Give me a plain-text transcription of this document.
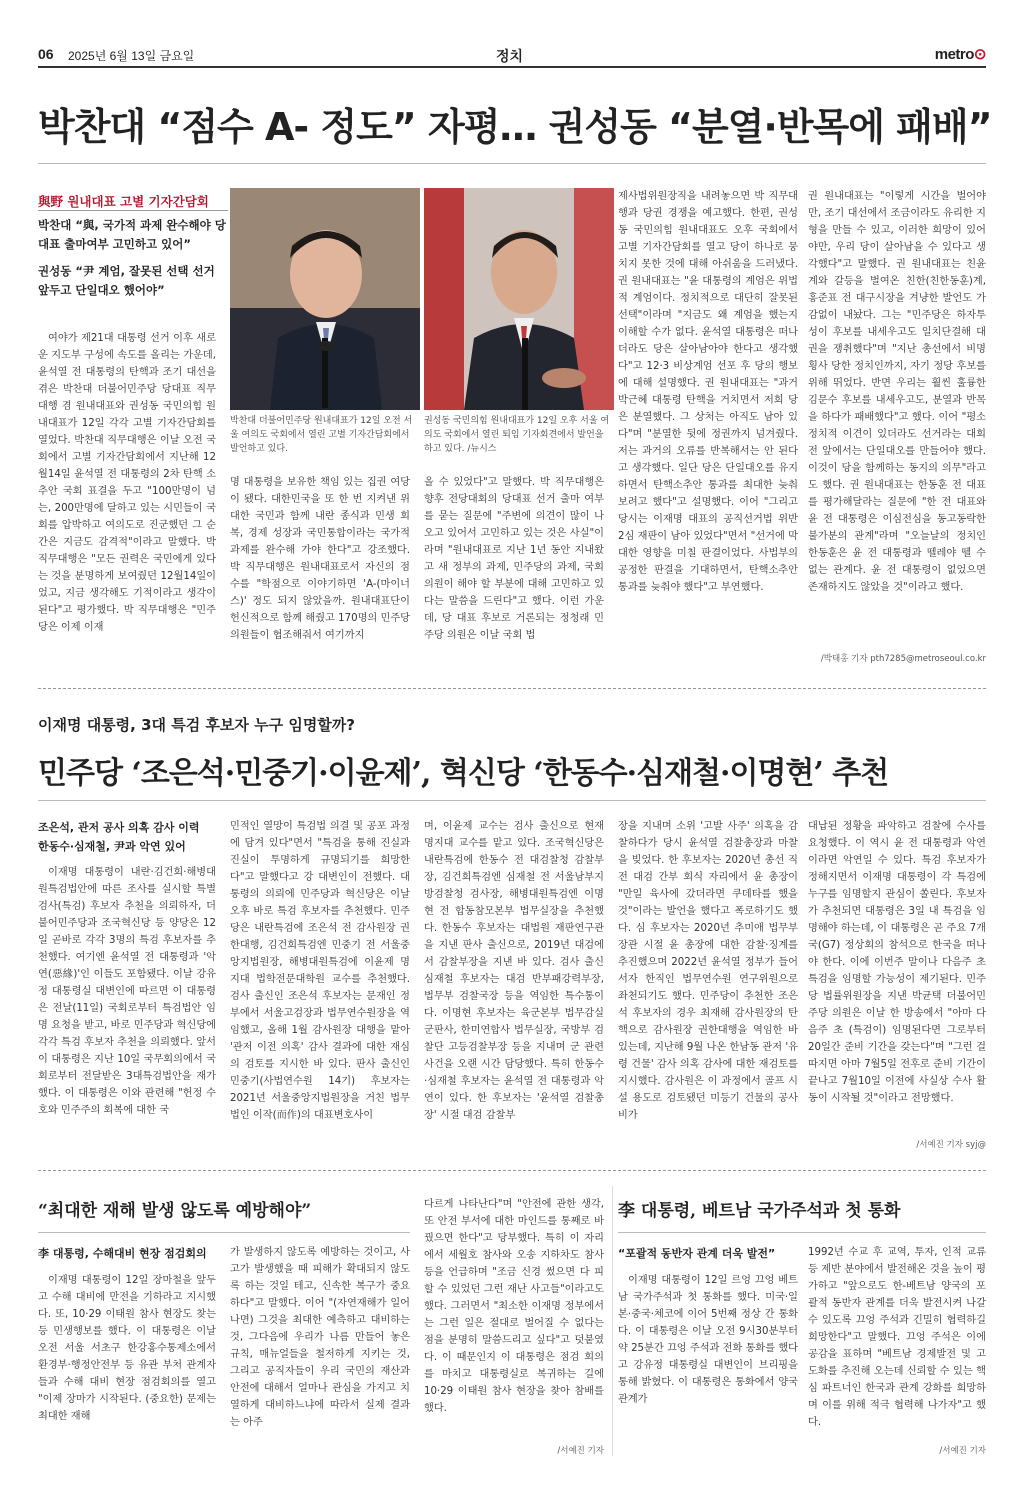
06 2025년 6월 13일 금요일	정치	metro⊙
박찬대 “점수 A- 정도” 자평… 권성동 “분열·반목에 패배”
與野 원내대표 고별 기자간담회
박찬대 “與, 국가적 과제 완수해야 당대표 출마여부 고민하고 있어”
권성동 “尹 계엄, 잘못된 선택 선거 앞두고 단일대오 했어야”

여야가 제21대 대통령 선거 이후 새로운 지도부 구성에 속도를 올리는 가운데, 윤석열 전 대통령의 탄핵과 조기 대선을 겪은 박찬대 더불어민주당 당대표 직무대행 겸 원내대표와 권성동 국민의힘 원내대표가 12일 각각 고별 기자간담회를 열었다. 박찬대 직무대행은 이날 오전 국회에서 고별 기자간담회에서 지난해 12월14일 윤석열 전 대통령의 2차 탄핵 소추안 국회 표결을 두고 "100만명이 넘는, 200만명에 달하고 있는 시민들이 국회를 압박하고 여의도로 진군했던 그 순간은 지금도 감격적"이라고 말했다. 박 직무대행은 "모든 권력은 국민에게 있다는 것을 분명하게 보여줬던 12월14일이었고, 지금 생각해도 기적이라고 생각이 된다"고 평가했다. 박 직무대행은 "민주당은 이제 이재

박찬대 더불어민주당 원내대표가 12일 오전 서울 여의도 국회에서 열린 고별 기자간담회에서 발언하고 있다.
권성동 국민의힘 원내대표가 12일 오후 서울 여의도 국회에서 열린 퇴임 기자회견에서 발언을 하고 있다. /뉴시스

명 대통령을 보유한 책임 있는 집권 여당이 됐다. 대한민국을 또 한 번 지켜낸 위대한 국민과 함께 내란 종식과 민생 회복, 경제 성장과 국민통합이라는 국가적 과제를 완수해 가야 한다"고 강조했다. 박 직무대행은 원내대표로서 자신의 점수를 "학점으로 이야기하면 'A-(마이너스)' 정도 되지 않았을까. 원내대표단이 헌신적으로 함께 해줬고 170명의 민주당 의원들이 협조해줘서 여기까지

올 수 있었다"고 말했다. 박 직무대행은 향후 전당대회의 당대표 선거 출마 여부를 묻는 질문에 "주변에 의견이 많이 나오고 있어서 고민하고 있는 것은 사실"이라며 "원내대표로 지난 1년 동안 지내왔고 새 정부의 과제, 민주당의 과제, 국회의원이 해야 할 부분에 대해 고민하고 있다는 말씀을 드린다"고 했다. 이런 가운데, 당 대표 후보로 거론되는 정청래 민주당 의원은 이날 국회 법

제사법위원장직을 내려놓으면 박 직무대행과 당권 경쟁을 예고했다. 한편, 권성동 국민의힘 원내대표도 오후 국회에서 고별 기자간담회를 열고 당이 하나로 뭉치지 못한 것에 대해 아쉬움을 드러냈다. 권 원내대표는 "윤 대통령의 계엄은 위법적 계엄이다. 정치적으로 대단히 잘못된 선택"이라며 "지금도 왜 계엄을 했는지 이해할 수가 없다. 윤석열 대통령은 떠나더라도 당은 살아남아야 한다고 생각했다"고 12·3 비상계엄 선포 후 당의 행보에 대해 설명했다. 권 원내대표는 "과거 박근혜 대통령 탄핵을 거치면서 저희 당은 분열했다. 그 상처는 아직도 남아 있다"며 "분열한 뒷에 정권까지 넘겨줬다. 저는 과거의 오류를 반복해서는 안 된다고 생각했다. 일단 당은 단일대오를 유지하면서 탄핵소추안 통과를 최대한 늦춰보려고 했다"고 설명했다. 이어 "그리고 당시는 이재명 대표의 공직선거법 위반 2심 재판이 남아 있었다"면서 "선거에 막대한 영향을 미칠 판결이었다. 사법부의 공정한 판결을 기대하면서, 탄핵소추안 통과를 늦춰야 했다"고 부연했다.

권 원내대표는 "이렇게 시간을 벌어야만, 조기 대선에서 조금이라도 유리한 지형을 만들 수 있고, 이러한 희망이 있어야만, 우리 당이 살아남을 수 있다고 생각했다"고 말했다. 권 원내대표는 친윤계와 갈등을 벌여온 친한(친한동훈)계, 홍준표 전 대구시장을 겨냥한 발언도 가감없이 내놨다. 그는 "민주당은 하자투성이 후보를 내세우고도 일치단결해 대권을 쟁취했다"며 "지난 총선에서 비명횡사 당한 정치인까지, 자기 정당 후보를 위해 뛰었다. 반면 우리는 훨씬 훌륭한 김문수 후보를 내세우고도, 분열과 반목을 하다가 패배했다"고 했다. 이어 "평소 정치적 이견이 있더라도 선거라는 대회전 앞에서는 단일대오를 만들어야 했다. 이것이 당을 함께하는 동지의 의무"라고도 했다. 권 원내대표는 한동훈 전 대표를 평가해달라는 질문에 "한 전 대표와 윤 전 대통령은 이심전심을 동고동락한 불가분의 관계"라며 "오늘날의 정치인 한동훈은 윤 전 대통령과 뗄레야 뗄 수 없는 관계다. 윤 전 대통령이 없었으면 존재하지도 않았을 것"이라고 했다.

/박태홍 기자 pth7285@metroseoul.co.kr
이재명 대통령, 3대 특검 후보자 누구 임명할까?
민주당 ‘조은석·민중기·이윤제’, 혁신당 ‘한동수·심재철·이명현’ 추천
조은석, 관저 공사 의혹 감사 이력
한동수·심재철, 尹과 악연 있어

이재명 대통령이 내란·김건희·해병대원특검법안에 따른 조사를 실시할 특별검사(특검) 후보자 추천을 의뢰하자, 더불어민주당과 조국혁신당 등 양당은 12일 곧바로 각각 3명의 특검 후보자를 추천했다. 여기엔 윤석열 전 대통령과 '악연(惡緣)'인 이들도 포함됐다. 이날 강유정 대통령실 대변인에 따르면 이 대통령은 전날(11일) 국회로부터 특검법안 임명 요청을 받고, 바로 민주당과 혁신당에 각각 특검 후보자 추천을 의뢰했다. 앞서 이 대통령은 지난 10일 국무회의에서 국회로부터 전달받은 3대특검법안을 재가했다. 이 대통령은 이와 관련해 "헌정 수호와 민주주의 회복에 대한 국

민적인 열망이 특검법 의결 및 공포 과정에 담겨 있다"면서 "특검을 통해 진실과 진실이 투명하게 규명되기를 희망한다"고 말했다고 강 대변인이 전했다. 대통령의 의뢰에 민주당과 혁신당은 이날 오후 바로 특검 후보자를 추천했다. 민주당은 내란특검에 조은석 전 감사원장 권한대행, 김건희특검엔 민중기 전 서울중앙지법원장, 해병대원특검에 이윤제 명지대 법학전문대학원 교수를 추천했다. 검사 출신인 조은석 후보자는 문재인 정부에서 서울고검장과 법무연수원장을 역임했고, 올해 1월 감사원장 대행을 맡아 '관저 이전 의혹' 감사 결과에 대한 재심의 검토를 지시한 바 있다. 판사 출신인 민중기(사법연수원 14기) 후보자는 2021년 서울중앙지법원장을 거친 법무법인 이작(而作)의 대표변호사이

며, 이윤제 교수는 검사 출신으로 현재 명지대 교수를 맡고 있다. 조국혁신당은 내란특검에 한동수 전 대검찰청 감찰부장, 김건희특검엔 심재철 전 서울남부지방검찰청 검사장, 해병대원특검엔 이명현 전 합동참모본부 법무실장을 추천했다. 한동수 후보자는 대법원 재판연구관을 지낸 판사 출신으로, 2019년 대검에서 감찰부장을 지낸 바 있다. 검사 출신 심재철 후보자는 대검 반부패강력부장, 법무부 검찰국장 등을 역임한 특수통이다. 이명현 후보자는 육군본부 법무감실 군판사, 한미연합사 법무실장, 국방부 검찰단 고등검찰부장 등을 지내며 군 관련 사건을 오랜 시간 담당했다. 특히 한동수·심재철 후보자는 윤석열 전 대통령과 악연이 있다. 한 후보자는 '윤석열 검찰총장' 시절 대검 감찰부

장을 지내며 소위 '고발 사주' 의혹을 감찰하다가 당시 윤석열 검찰총장과 마찰을 빚었다. 한 후보자는 2020년 총선 직전 대검 간부 회식 자리에서 윤 총장이 "만일 육사에 갔더라면 쿠데타를 했을 것"이라는 발언을 했다고 폭로하기도 했다. 심 후보자는 2020년 추미애 법무부장관 시절 윤 총장에 대한 감찰·징계를 추진했으며 2022년 윤석열 정부가 들어서자 한직인 법무연수원 연구위원으로 좌천되기도 했다. 민주당이 추천한 조은석 후보자의 경우 최재해 감사원장의 탄핵으로 감사원장 권한대행을 역임한 바 있는데, 지난해 9월 나온 한남동 관저 '유령 건물' 감사 의혹 감사에 대한 재검토를 지시했다. 감사원은 이 과정에서 골프 시설 용도로 검토됐던 미등기 건물의 공사비가

대납된 정황을 파악하고 검찰에 수사를 요청했다. 이 역시 윤 전 대통령과 악연이라면 악연일 수 있다. 특검 후보자가 정해지면서 이재명 대통령이 각 특검에 누구를 임명할지 관심이 쏠린다. 후보자가 추천되면 대통령은 3일 내 특검을 임명해야 하는데, 이 대통령은 곧 주요 7개국(G7) 정상회의 참석으로 한국을 떠나야 한다. 이에 이번주 말이나 다음주 초 특검을 임명할 가능성이 제기된다. 민주당 법률위원장을 지낸 박균택 더불어민주당 의원은 이날 한 방송에서 "아마 다음주 초 (특검이) 임명된다면 그로부터 20일간 준비 기간을 갖는다"며 "그런 걸 따지면 아마 7월5일 전후로 준비 기간이 끝나고 7월10일 이전에 사실상 수사 활동이 시작될 것"이라고 전망했다.

/서예진 기자 syj@
“최대한 재해 발생 않도록 예방해야”
李 대통령, 수해대비 현장 점검회의

이재명 대통령이 12일 장마철을 앞두고 수해 대비에 만전을 기하라고 지시했다. 또, 10·29 이태원 참사 현장도 찾는 등 민생행보를 했다. 이 대통령은 이날 오전 서울 서초구 한강홍수통제소에서 환경부·행정안전부 등 유관 부처 관계자들과 수해 대비 현장 점검회의를 열고 "이제 장마가 시작된다. (중요한) 문제는 최대한 재해

가 발생하지 않도록 예방하는 것이고, 사고가 발생했을 때 피해가 확대되지 않도록 하는 것일 테고, 신속한 복구가 중요하다"고 말했다. 이어 "(자연재해가 일어나면) 그것을 최대한 예측하고 대비하는 것, 그다음에 우리가 나름 만들어 놓은 규칙, 매뉴얼들을 철저하게 지키는 것, 그리고 공직자들이 우리 국민의 재산과 안전에 대해서 얼마나 관심을 가지고 치열하게 대비하느냐에 따라서 실제 결과는 아주

다르게 나타난다"며 "안전에 관한 생각, 또 안전 부서에 대한 마인드를 통째로 바꿨으면 한다"고 당부했다. 특히 이 자리에서 세월호 참사와 오송 지하차도 참사 등을 언급하며 "조금 신경 썼으면 다 피할 수 있었던 그런 재난 사고들"이라고도 했다. 그러면서 "최소한 이재명 정부에서는 그런 일은 절대로 벌어질 수 없다는 점을 분명히 말씀드리고 싶다"고 덧붙였다. 이 때문인지 이 대통령은 점검 회의를 마치고 대통령실로 복귀하는 길에 10·29 이태원 참사 현장을 찾아 참배를 했다.

/서예진 기자
李 대통령, 베트남 국가주석과 첫 통화
“포괄적 동반자 관계 더욱 발전”

이재명 대통령이 12일 르엉 끄엉 베트남 국가주석과 첫 통화를 했다. 미국·일본·중국·체코에 이어 5번째 정상 간 통화다. 이 대통령은 이날 오전 9시30분부터 약 25분간 끄엉 주석과 전화 통화를 했다고 강유정 대통령실 대변인이 브리핑을 통해 밝혔다. 이 대통령은 통화에서 양국 관계가

1992년 수교 후 교역, 투자, 인적 교류 등 제반 분야에서 발전해온 것을 높이 평가하고 "앞으로도 한-베트남 양국의 포괄적 동반자 관계를 더욱 발전시켜 나갈 수 있도록 끄엉 주석과 긴밀히 협력하길 희망한다"고 말했다. 끄엉 주석은 이에 공감을 표하며 "베트남 경제발전 및 고도화를 추진해 오는데 신뢰할 수 있는 핵심 파트너인 한국과 관계 강화를 희망하며 이를 위해 적극 협력해 나가자"고 했다.

/서예진 기자
